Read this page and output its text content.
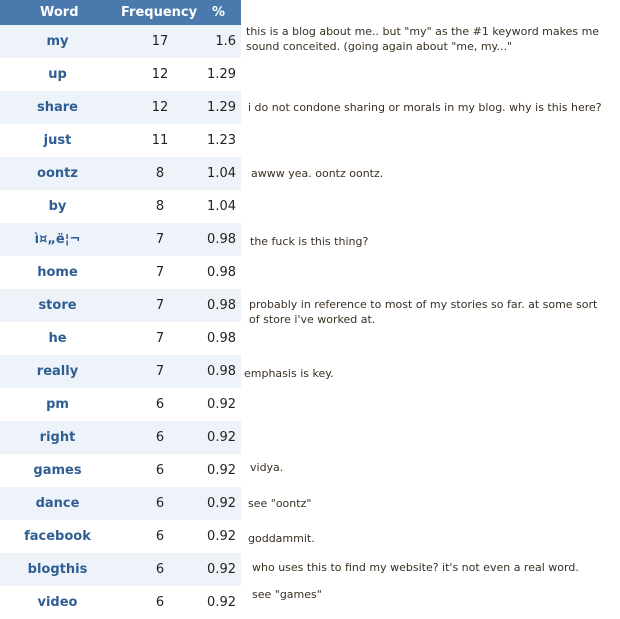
Word	Frequency %
my	17	1.6
up	12	1.29
share	12	1.29
just	11	1.23
oontz	8	1.04
by	8	1.04
ì¤„ë¦¬	7	0.98
home	7	0.98
store	7	0.98
he	7	0.98
really	7	0.98
pm	6	0.92
right	6	0.92
games	6	0.92
dance	6	0.92
facebook	6	0.92
blogthis	6	0.92
video	6	0.92
this is a blog about me.. but "my" as the #1 keyword makes me
sound conceited. (going again about "me, my..."
i do not condone sharing or morals in my blog. why is this here?
awww yea. oontz oontz.
the fuck is this thing?
probably in reference to most of my stories so far. at some sort
of store i've worked at.
emphasis is key.
vidya.
see "oontz"
goddammit.
who uses this to find my website? it's not even a real word.
see "games"
